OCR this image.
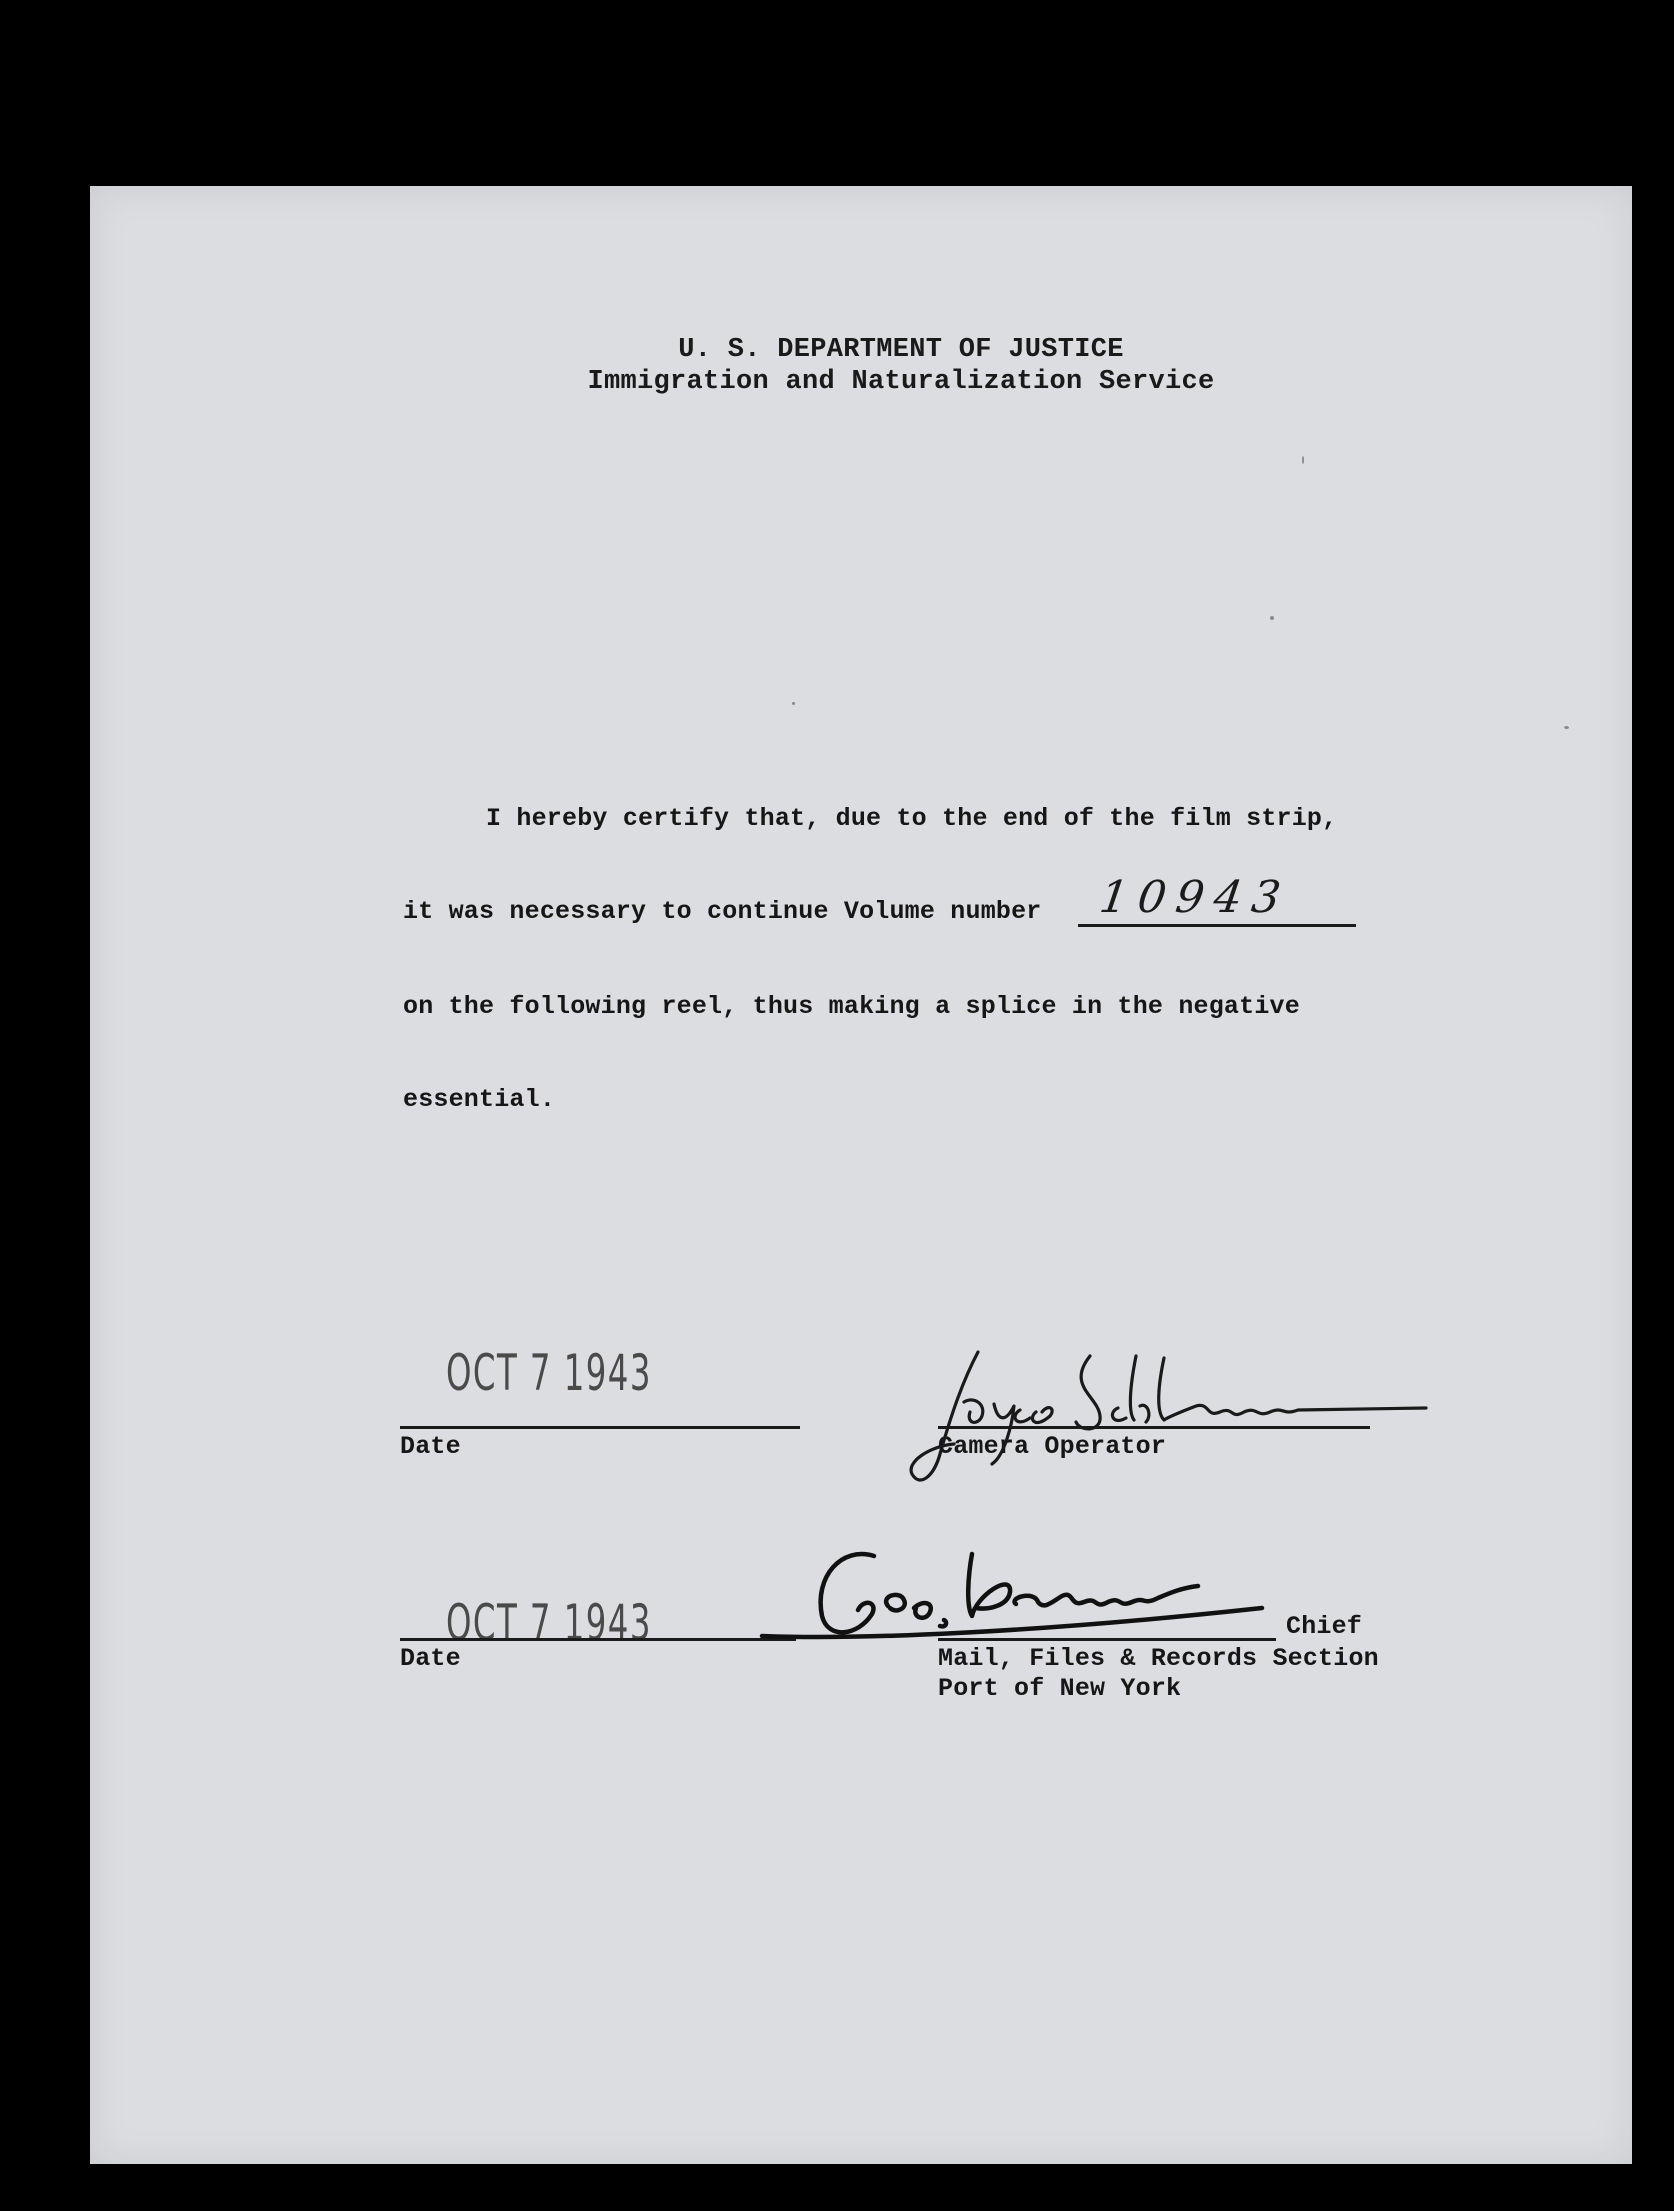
U. S. DEPARTMENT OF JUSTICE
Immigration and Naturalization Service
I hereby certify that, due to the end of the film strip,
it was necessary to continue Volume number 10943
on the following reel, thus making a splice in the negative
essential.
OCT 7 1943
Date	Camera Operator
OCT 7 1943
Date
Chief
Mail, Files & Records Section
Port of New York
